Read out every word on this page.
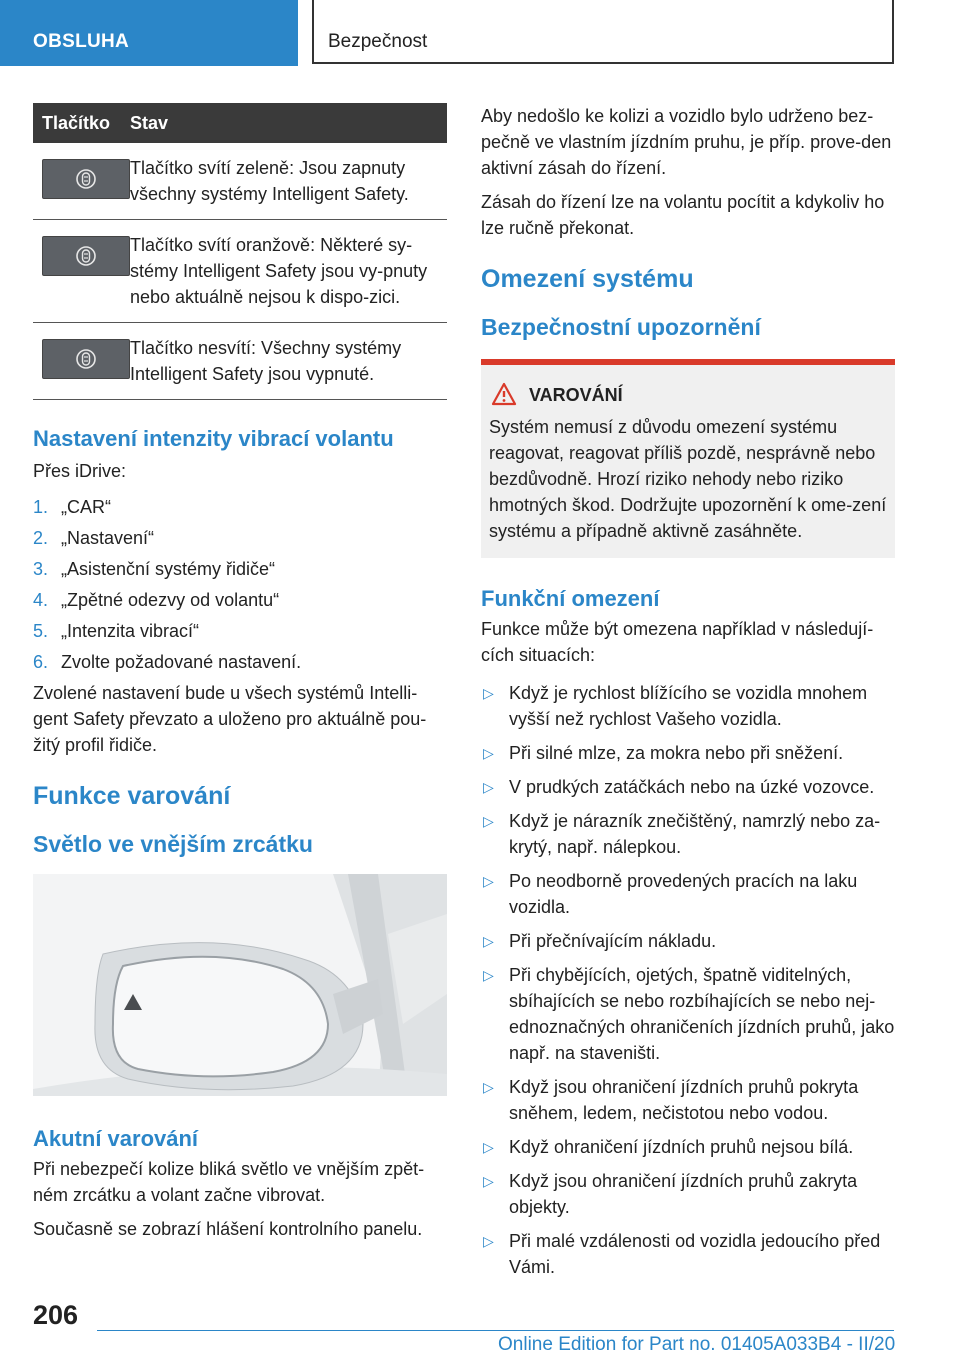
OBSLUHA	Bezpečnost
Tlačítko	Stav

	Tlačítko svítí zeleně: Jsou zapnuty všechny systémy Intelligent Safety.

	Tlačítko svítí oranžově: Některé sy-stémy Intelligent Safety jsou vy-pnuty nebo aktuálně nejsou k dispo-zici.

	Tlačítko nesvítí: Všechny systémy Intelligent Safety jsou vypnuté.
Nastavení intenzity vibrací volantu

Přes iDrive:

1. „CAR“
2. „Nastavení“
3. „Asistenční systémy řidiče“
4. „Zpětné odezvy od volantu“
5. „Intenzita vibrací“
6. Zvolte požadované nastavení.

Zvolené nastavení bude u všech systémů Intelli-gent Safety převzato a uloženo pro aktuálně pou-žitý profil řidiče.

Funkce varování
Světlo ve vnějším zrcátku
Akutní varování

Při nebezpečí kolize bliká světlo ve vnějším zpět-ném zrcátku a volant začne vibrovat.

Současně se zobrazí hlášení kontrolního panelu.

Aby nedošlo ke kolizi a vozidlo bylo udrženo bez-pečně ve vlastním jízdním pruhu, je příp. prove-den aktivní zásah do řízení.

Zásah do řízení lze na volantu pocítit a kdykoliv ho lze ručně překonat.

Omezení systému
Bezpečnostní upozornění
VAROVÁNÍ

Systém nemusí z důvodu omezení systému reagovat, reagovat příliš pozdě, nesprávně nebo bezdůvodně. Hrozí riziko nehody nebo riziko hmotných škod. Dodržujte upozornění k ome-zení systému a případně aktivně zasáhněte.

Funkční omezení

Funkce může být omezena například v následují-cích situacích:

▷ Když je rychlost blížícího se vozidla mnohem vyšší než rychlost Vašeho vozidla.
▷ Při silné mlze, za mokra nebo při sněžení.
▷ V prudkých zatáčkách nebo na úzké vozovce.
▷ Když je nárazník znečištěný, namrzlý nebo za-krytý, např. nálepkou.
▷ Po neodborně provedených pracích na laku vozidla.
▷ Při přečnívajícím nákladu.
▷ Při chybějících, ojetých, špatně viditelných, sbíhajících se nebo rozbíhajících se nebo nej-ednoznačných ohraničeních jízdních pruhů, jako např. na staveništi.
▷ Když jsou ohraničení jízdních pruhů pokryta sněhem, ledem, nečistotou nebo vodou.
▷ Když ohraničení jízdních pruhů nejsou bílá.
▷ Když jsou ohraničení jízdních pruhů zakryta objekty.
▷ Při malé vzdálenosti od vozidla jedoucího před Vámi.
206
Online Edition for Part no. 01405A033B4 - II/20
